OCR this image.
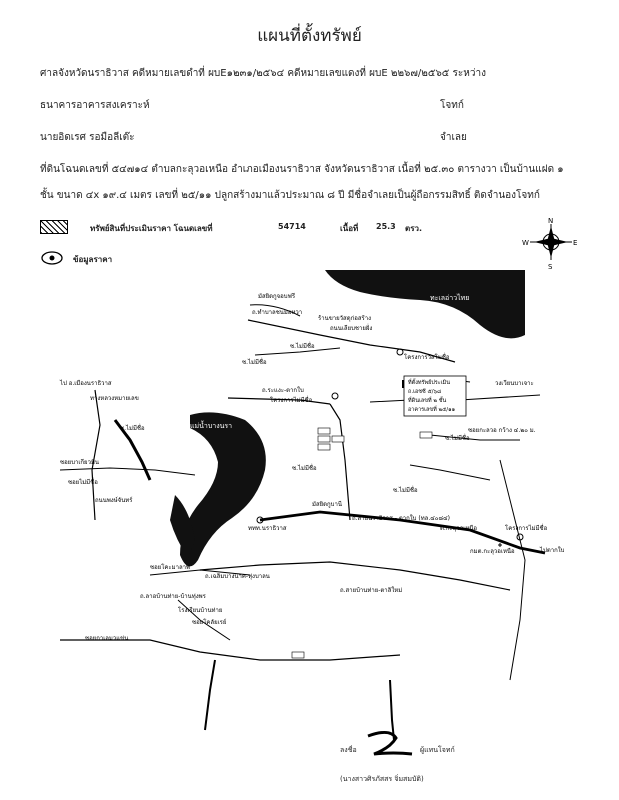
แผนที่ตั้งทรัพย์
ศาลจังหวัดนราธิวาส คดีหมายเลขดำที่ ผบE๑๒๓๑/๒๕๖๔ คดีหมายเลขแดงที่ ผบE ๒๒๖๗/๒๕๖๕ ระหว่าง
ธนาคารอาคารสงเคราะห์	โจทก์
นายอิดเรศ รอมือลีเต๊ะ	จำเลย
ที่ดินโฉนดเลขที่ ๕๔๗๑๔ ตำบลกะลุวอเหนือ อำเภอเมืองนราธิวาส จังหวัดนราธิวาส เนื้อที่ ๒๕.๓๐ ตารางวา เป็นบ้านแฝด ๑
ชั้น ขนาด ๔x ๑๙.๔ เมตร เลขที่ ๒๕/๑๑ ปลูกสร้างมาแล้วประมาณ ๘ ปี มีชื่อจำเลยเป็นผู้ถือกรรมสิทธิ์ ติดจำนองโจทก์
ทรัพย์สินที่ประเมินราคา โฉนดเลขที่	54714	เนื้อที่ 25.3 ตรว.
ข้อมูลราคา
N
E
S
W
ทะเลอ่าวไทย
แม่น้ำบางนรา
ที่ตั้งทรัพย์ประเมิน
ถ.เอชซี ๕/๖๘
ที่ดินเลขที่ ๒ ชั้น
อาคารเลขที่ ๒๕/๑๑
มัสยิดกูจอบฟรี
ถ.ทำบาลชนมอหวา
ร้านขายวัสดุก่อสร้าง
ถนนเลียบชายฝั่ง
โครงการวัสโมชื่อ
ซ.ไม่มีชื่อ
ซ.ไม่มีชื่อ
วงเวียนบาเจาะ
ถ.ระแงะ-ตากใบ
โครงการไม่มีชื่อ
ซอยกะลวอ กว้าง ๔.๒๐ ม.
ไป อ.เมืองนราธิวาส
ทางหลวงหมายเลข
ซ.ไม่มีชื่อ
ซอยบาเกียวมิน
ซอยไม่มีชื่อ
ถนนพงษ์จันทร์
ซ.ไม่มีชื่อ
ซ.ไม่มีชื่อ
ซ.ไม่มีชื่อ
มัสยิดกูบานี
ททท.นราธิวาส
ถ.สายนราธิวาส - ตากใบ (ทล.๔๐๘๔)
ต.กะลุวอเหนือ	โครงการไม่มีชื่อ
ไปตากใบ
กมต.กะลุวอเหนือ
ซอยโคะมาลาพ
ถ.เฉลิมบางนาค-ทุ่งบาลน
ถ.สายบ้านท่าย-ตาลิใหม่
ถ.ลาอบ้านท่าย-บ้านทุ่งพร
โรงเรียนบ้านท่าย
ซอยโคลัยเรย์
ซอยกาเลมวแข่น
ลงชื่อ	ผู้แทนโจทก์
(นางสาวศิรภัสสร จิ่มสมบัติ)
